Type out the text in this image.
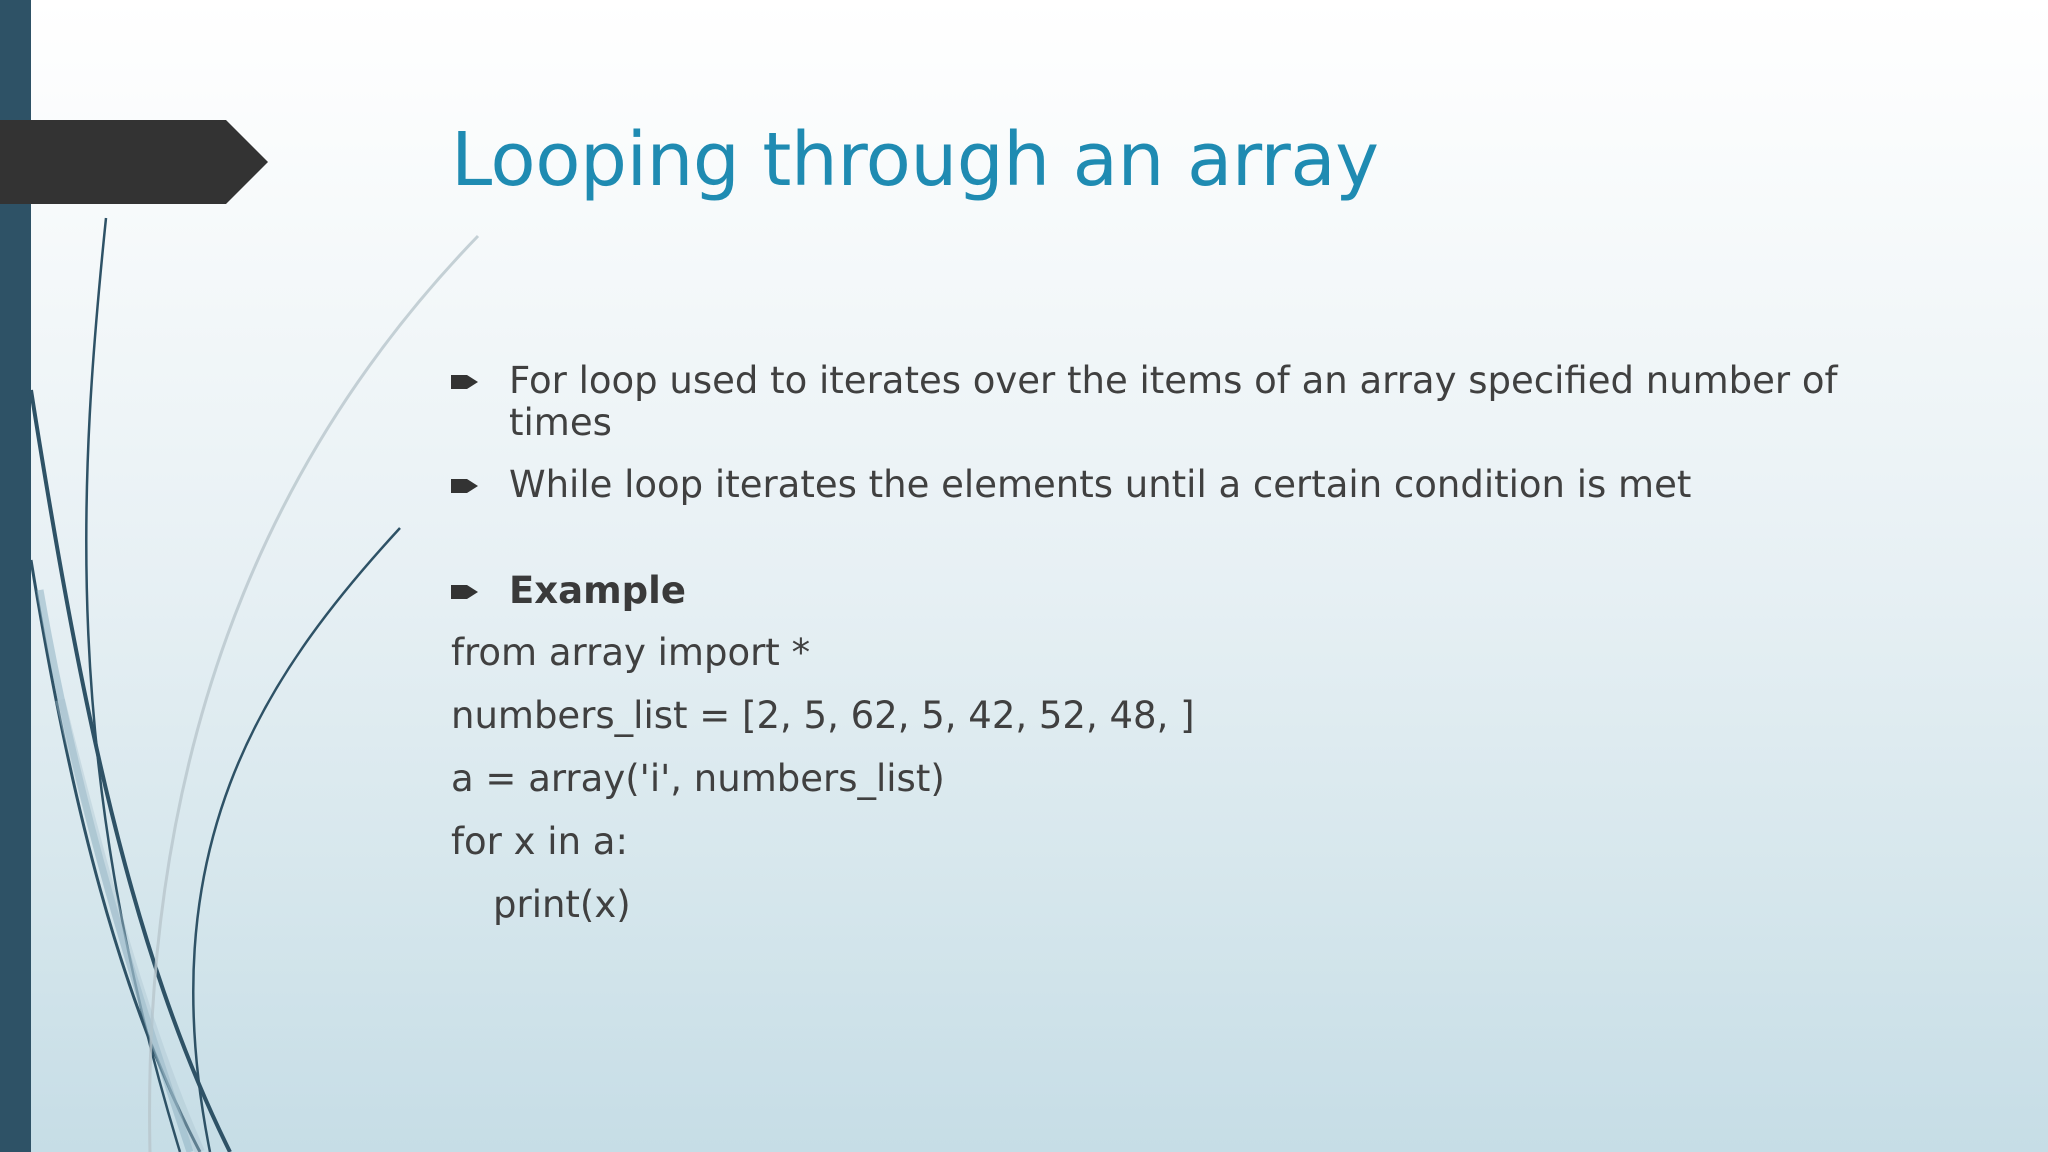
Looping through an array
For loop used to iterates over the items of an array specified number of times
While loop iterates the elements until a certain condition is met
Example
from array import *
numbers_list = [2, 5, 62, 5, 42, 52, 48, ]
a = array('i', numbers_list)
for x in a:
print(x)
